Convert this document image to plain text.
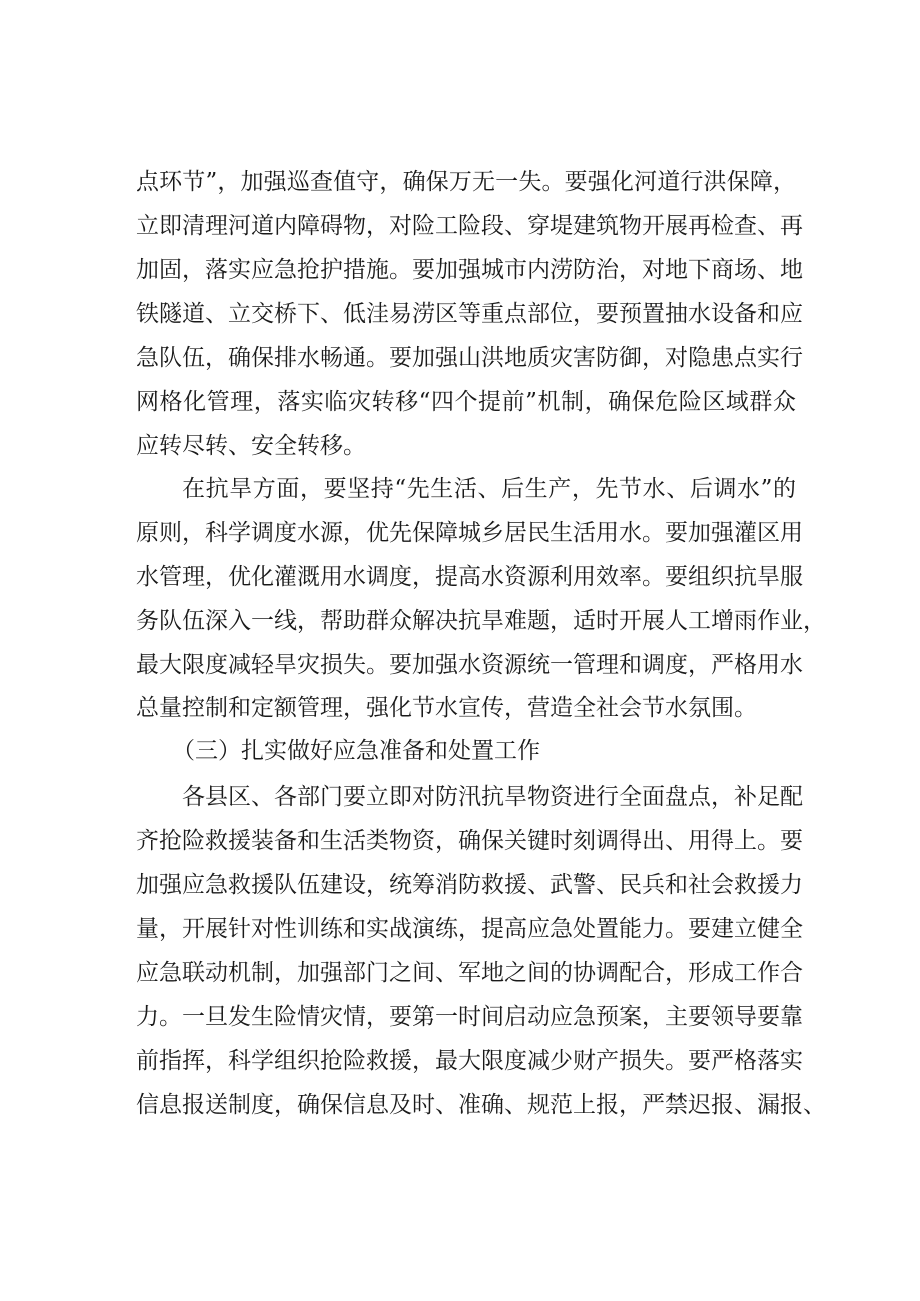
点环节”，加强巡查值守，确保万无一失。要强化河道行洪保障，
立即清理河道内障碍物，对险工险段、穿堤建筑物开展再检查、再
加固，落实应急抢护措施。要加强城市内涝防治，对地下商场、地
铁隧道、立交桥下、低洼易涝区等重点部位，要预置抽水设备和应
急队伍，确保排水畅通。要加强山洪地质灾害防御，对隐患点实行
网格化管理，落实临灾转移“四个提前”机制，确保危险区域群众
应转尽转、安全转移。
在抗旱方面，要坚持“先生活、后生产，先节水、后调水”的
原则，科学调度水源，优先保障城乡居民生活用水。要加强灌区用
水管理，优化灌溉用水调度，提高水资源利用效率。要组织抗旱服
务队伍深入一线，帮助群众解决抗旱难题，适时开展人工增雨作业，
最大限度减轻旱灾损失。要加强水资源统一管理和调度，严格用水
总量控制和定额管理，强化节水宣传，营造全社会节水氛围。
（三）扎实做好应急准备和处置工作
各县区、各部门要立即对防汛抗旱物资进行全面盘点，补足配
齐抢险救援装备和生活类物资，确保关键时刻调得出、用得上。要
加强应急救援队伍建设，统筹消防救援、武警、民兵和社会救援力
量，开展针对性训练和实战演练，提高应急处置能力。要建立健全
应急联动机制，加强部门之间、军地之间的协调配合，形成工作合
力。一旦发生险情灾情，要第一时间启动应急预案，主要领导要靠
前指挥，科学组织抢险救援，最大限度减少财产损失。要严格落实
信息报送制度，确保信息及时、准确、规范上报，严禁迟报、漏报、
